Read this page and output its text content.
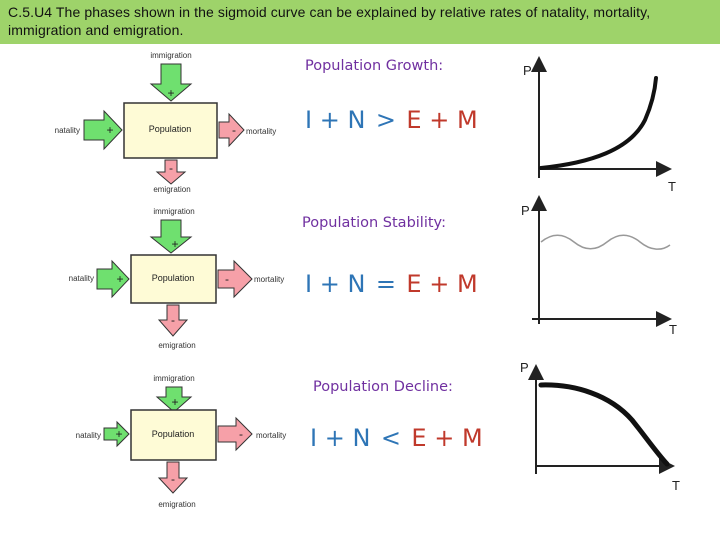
C.5.U4 The phases shown in the sigmoid curve can be explained by relative rates of natality, mortality, immigration and emigration.
immigration
+
Population
natality +	- mortality
-
emigration
Population Growth:
I + N > E + M
P
T
immigration
+
Population
natality +	-	mortality
-
emigration
Population Stability:
I + N = E + M
P
T
immigration
+
Population
natality +	- mortality
-
emigration
Population Decline:
I + N < E + M
P
T
